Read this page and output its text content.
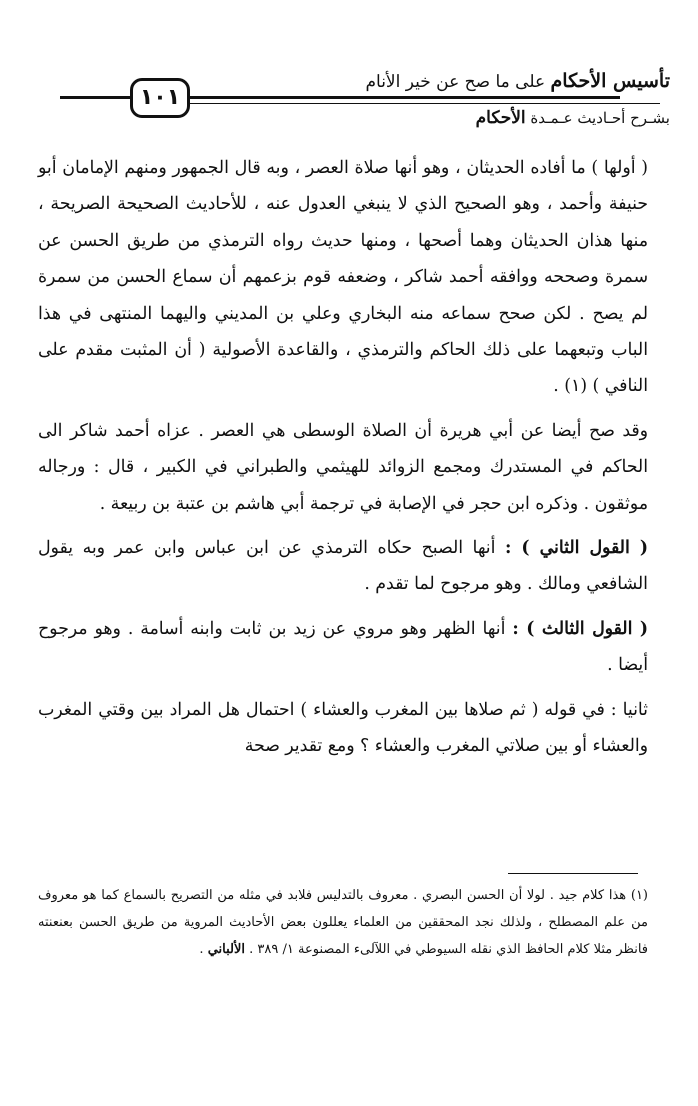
تأسيس الأحكام على ما صح عن خير الأنام
١٠١
بشـرح أحـاديث عـمـدة الأحكام

( أولها ) ما أفاده الحديثان ، وهو أنها صلاة العصر ، وبه قال الجمهور ومنهم الإمامان أبو حنيفة وأحمد ، وهو الصحيح الذي لا ينبغي العدول عنه ، للأحاديث الصحيحة الصريحة ، منها هذان الحديثان وهما أصحها ، ومنها حديث رواه الترمذي من طريق الحسن عن سمرة وصححه ووافقه أحمد شاكر ، وضعفه قوم بزعمهم أن سماع الحسن من سمرة لم يصح . لكن صحح سماعه منه البخاري وعلي بن المديني واليهما المنتهى في هذا الباب وتبعهما على ذلك الحاكم والترمذي ، والقاعدة الأصولية ( أن المثبت مقدم على النافي ) (١) .

وقد صح أيضا عن أبي هريرة أن الصلاة الوسطى هي العصر . عزاه أحمد شاكر الى الحاكم في المستدرك ومجمع الزوائد للهيثمي والطبراني في الكبير ، قال : ورجاله موثقون . وذكره ابن حجر في الإصابة في ترجمة أبي هاشم بن عتبة بن ربيعة .

( القول الثاني ) : أنها الصبح حكاه الترمذي عن ابن عباس وابن عمر وبه يقول الشافعي ومالك . وهو مرجوح لما تقدم .

( القول الثالث ) : أنها الظهر وهو مروي عن زيد بن ثابت وابنه أسامة . وهو مرجوح أيضا .

ثانيا : في قوله ( ثم صلاها بين المغرب والعشاء ) احتمال هل المراد بين وقتي المغرب والعشاء أو بين صلاتي المغرب والعشاء ؟ ومع تقدير صحة

(١) هذا كلام جيد . لولا أن الحسن البصري . معروف بالتدليس فلابد في مثله من التصريح بالسماع كما هو معروف من علم المصطلح ، ولذلك نجد المحققين من العلماء يعللون بعض الأحاديث المروية من طريق الحسن بعنعنته فانظر مثلا كلام الحافظ الذي نقله السيوطي في اللآلىء المصنوعة ١/ ٣٨٩ . الألباني .
